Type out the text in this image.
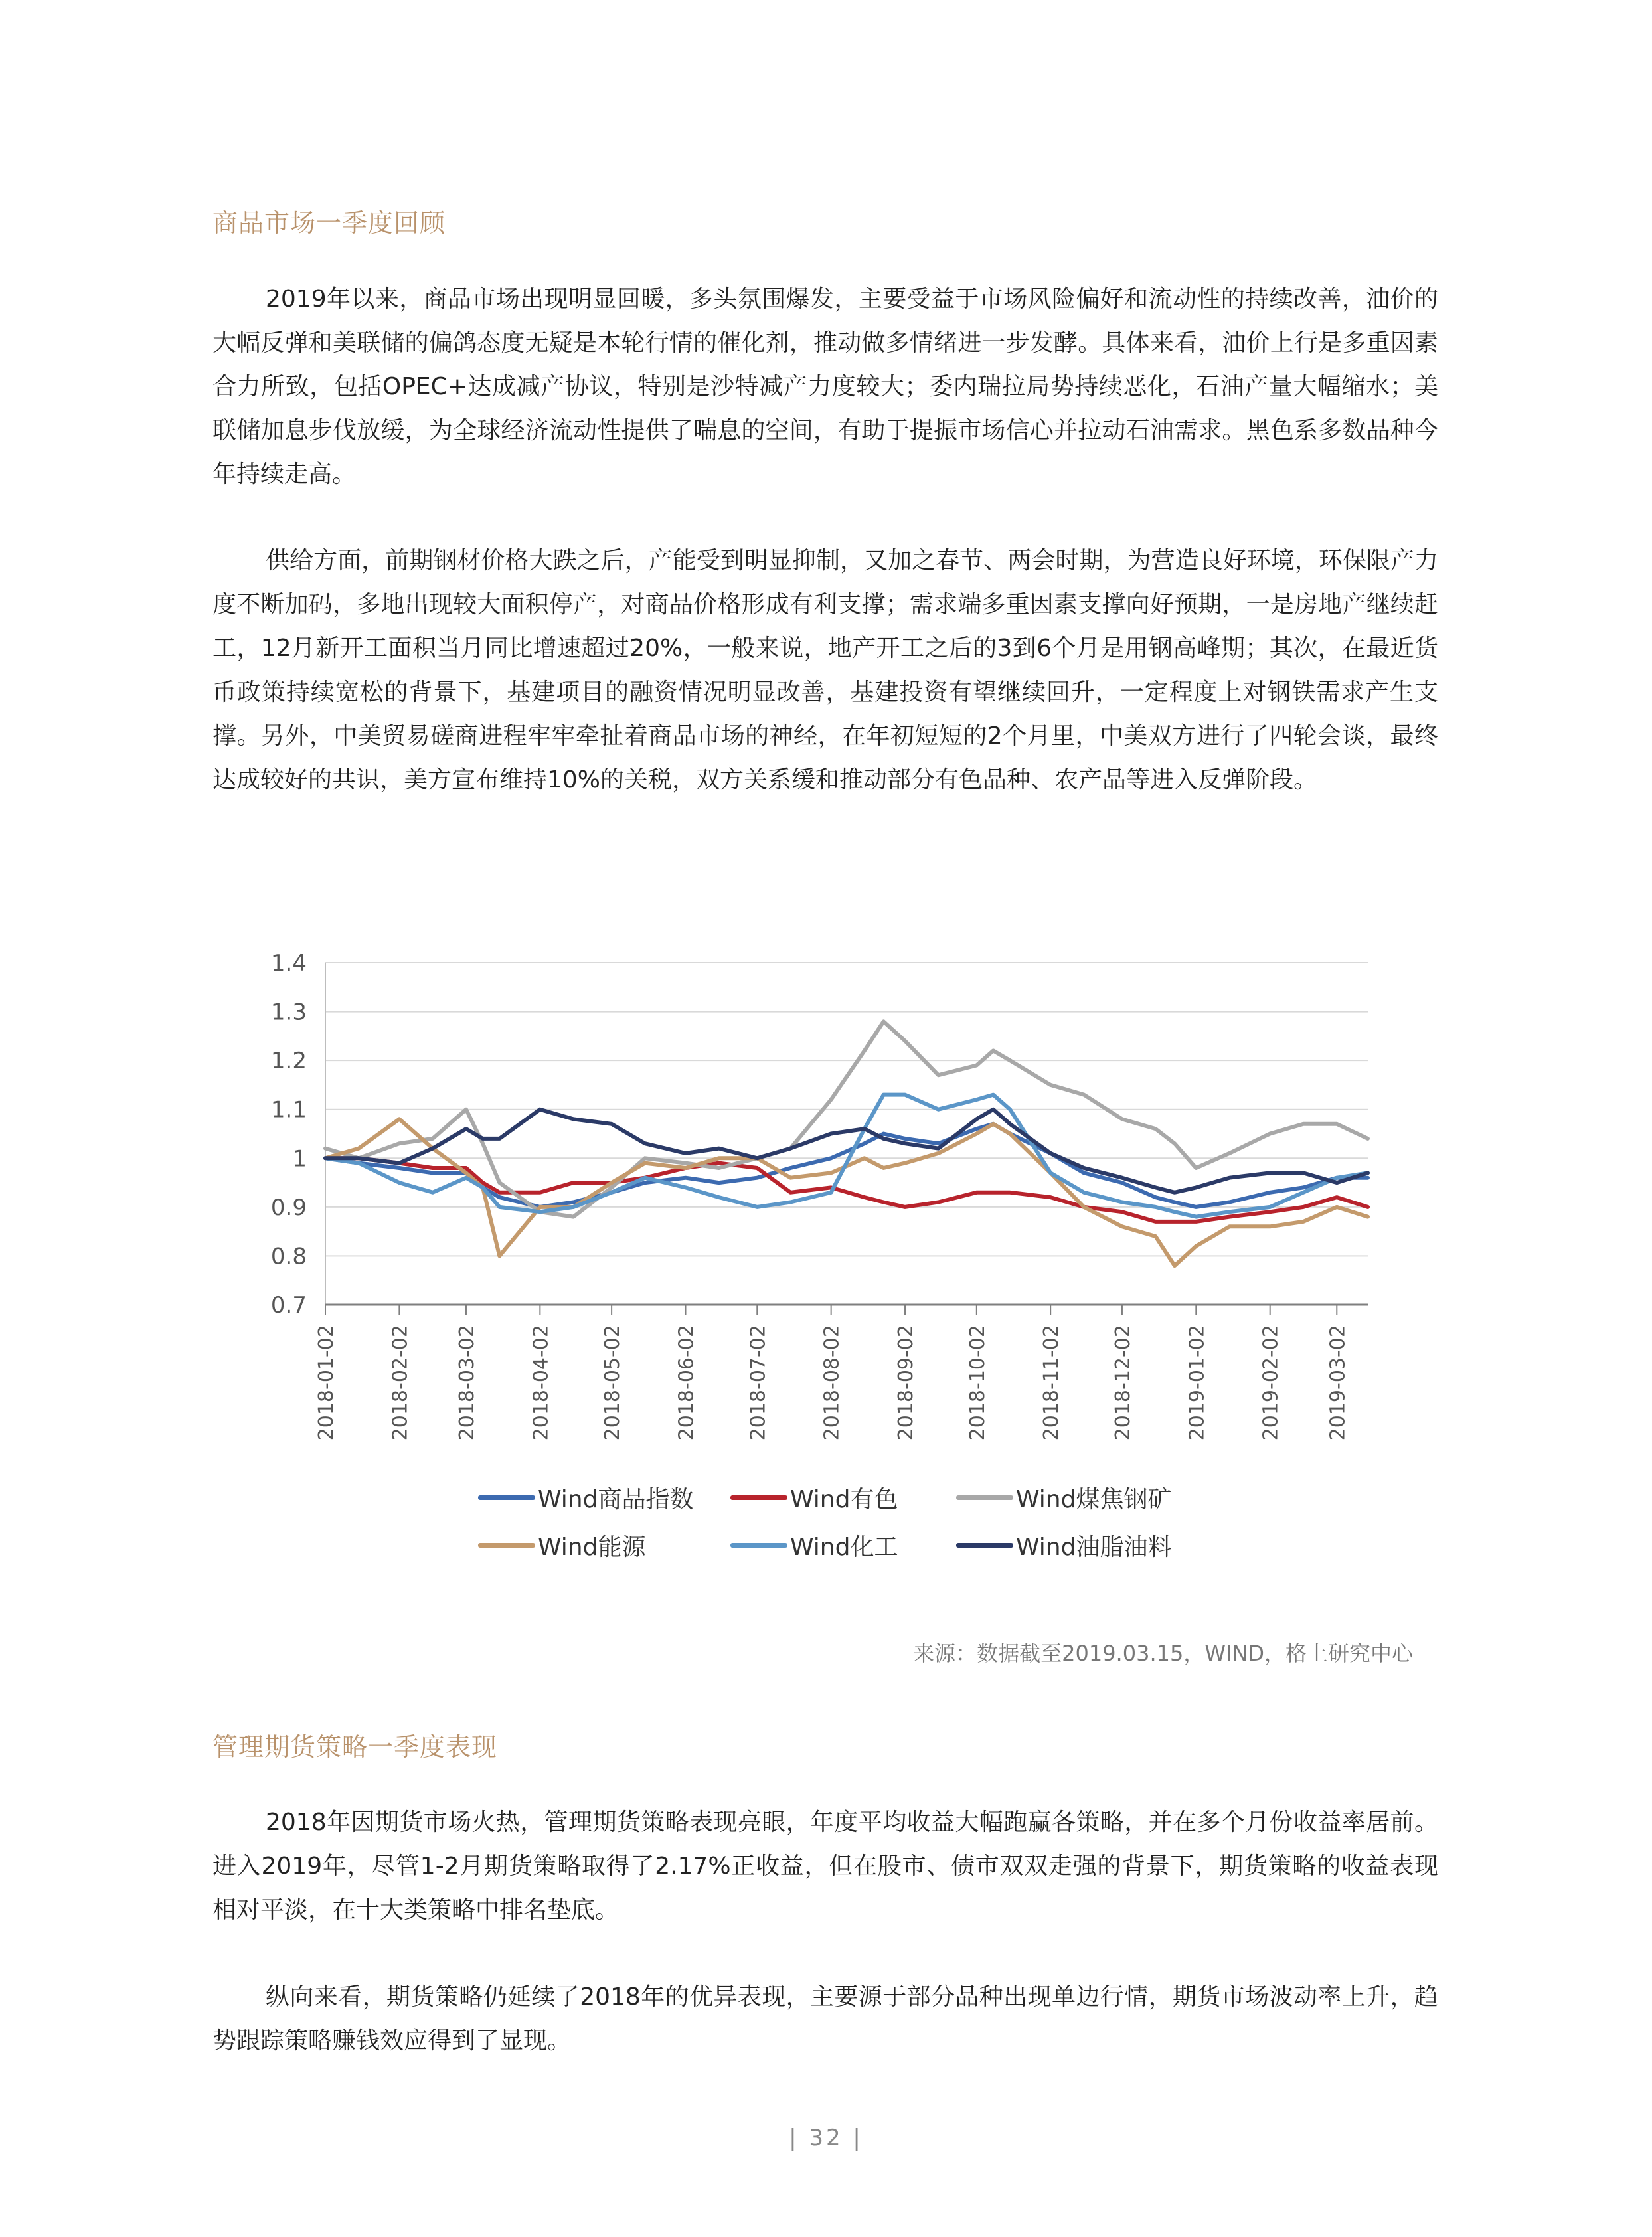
商品市场一季度回顾

2019年以来，商品市场出现明显回暖，多头氛围爆发，主要受益于市场风险偏好和流动性的持续改善，油价的大幅反弹和美联储的偏鸽态度无疑是本轮行情的催化剂，推动做多情绪进一步发酵。具体来看，油价上行是多重因素合力所致，包括OPEC+达成减产协议，特别是沙特减产力度较大；委内瑞拉局势持续恶化，石油产量大幅缩水；美联储加息步伐放缓，为全球经济流动性提供了喘息的空间，有助于提振市场信心并拉动石油需求。黑色系多数品种今年持续走高。

供给方面，前期钢材价格大跌之后，产能受到明显抑制，又加之春节、两会时期，为营造良好环境，环保限产力度不断加码，多地出现较大面积停产，对商品价格形成有利支撑；需求端多重因素支撑向好预期，一是房地产继续赶工，12月新开工面积当月同比增速超过20%，一般来说，地产开工之后的3到6个月是用钢高峰期；其次，在最近货币政策持续宽松的背景下，基建项目的融资情况明显改善，基建投资有望继续回升，一定程度上对钢铁需求产生支撑。另外，中美贸易磋商进程牢牢牵扯着商品市场的神经，在年初短短的2个月里，中美双方进行了四轮会谈，最终达成较好的共识，美方宣布维持10%的关税，双方关系缓和推动部分有色品种、农产品等进入反弹阶段。

1.4
1.3
1.2
1.1
1
0.9
0.8
0.7
2018-01-02	2018-02-02 2018-03-02	2018-04-02 2018-05-02	2018-06-02 2018-07-02	2018-08-02	2018-09-02 2018-10-02	2018-11-02 2018-12-02	2019-01-02	2019-02-02 2019-03-02
Wind商品指数	Wind有色	Wind煤焦钢矿
Wind能源	Wind化工	Wind油脂油料
来源：数据截至2019.03.15，WIND，格上研究中心
管理期货策略一季度表现

2018年因期货市场火热，管理期货策略表现亮眼，年度平均收益大幅跑赢各策略，并在多个月份收益率居前。进入2019年，尽管1-2月期货策略取得了2.17%正收益，但在股市、债市双双走强的背景下，期货策略的收益表现相对平淡，在十大类策略中排名垫底。

纵向来看，期货策略仍延续了2018年的优异表现，主要源于部分品种出现单边行情，期货市场波动率上升，趋势跟踪策略赚钱效应得到了显现。

| 32 |
